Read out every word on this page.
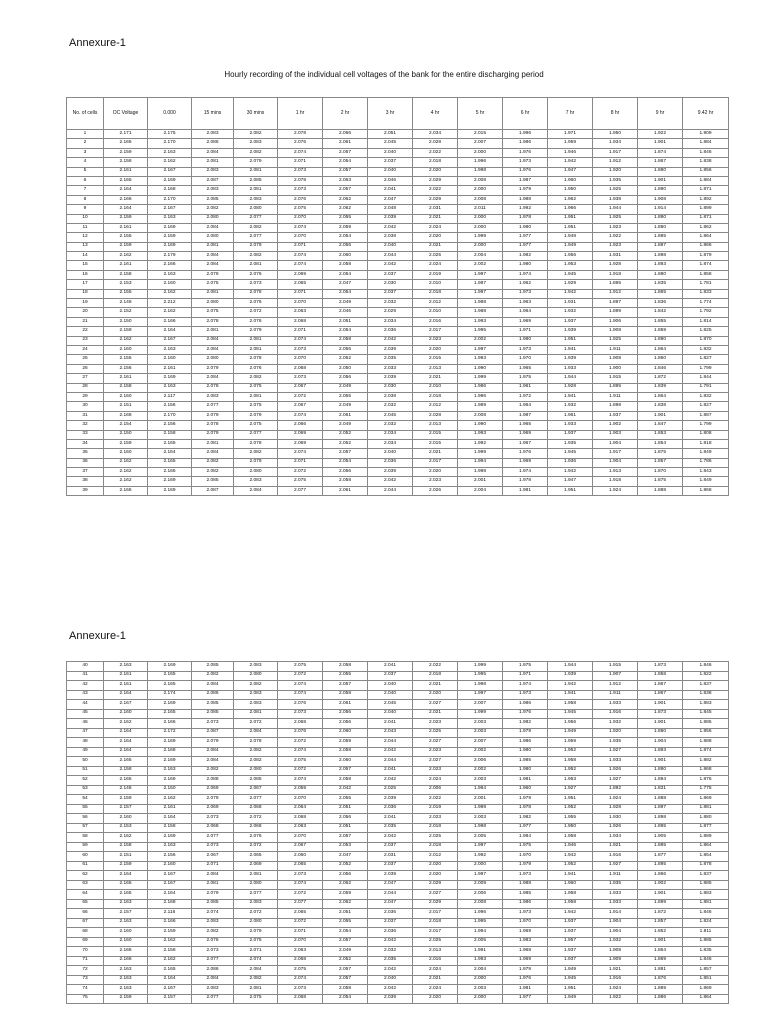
Annexure-1
Hourly recording of the individual cell voltages of the bank for the entire discharging period
No. of cells	OC Voltage	0.000	15 mins	30 mins	1 hr	2 hr	3 hr	4 hr	5 hr	6 hr	7 hr	8 hr	9 hr	9.42 hr
1	2.171	2.175	2.083	2.082	2.078	2.066	2.051	2.034	2.015	1.996	1.971	1.950	1.922	1.909
2	2.165	2.170	2.086	2.083	2.076	2.061	2.045	2.028	2.007	1.986	1.959	1.934	1.901	1.884
3	2.159	2.163	2.084	2.082	2.074	2.057	2.040	2.022	2.000	1.976	1.946	1.917	1.874	1.846
4	2.158	2.162	2.081	2.079	2.071	2.054	2.037	2.018	1.996	1.973	1.942	1.912	1.867	1.838
5	2.161	2.167	2.083	2.081	2.073	2.057	2.040	2.020	1.998	1.976	1.947	1.920	1.880	1.856
6	2.165	2.169	2.087	2.085	2.078	2.063	2.046	2.029	2.008	1.987	1.960	1.935	1.901	1.884
7	2.164	2.168	2.083	2.081	2.073	2.057	2.041	2.022	2.000	1.979	1.950	1.925	1.890	1.871
8	2.166	2.170	2.085	2.083	2.076	2.062	2.047	2.029	2.008	1.988	1.962	1.938	1.908	1.892
9	2.164	2.167	2.082	2.080	2.075	2.062	2.048	2.031	2.011	1.992	1.966	1.944	1.914	1.899
10	2.159	2.163	2.080	2.077	2.070	2.055	2.039	2.021	2.000	1.978	1.951	1.925	1.890	1.871
11	2.161	2.169	2.084	2.082	2.074	2.059	2.042	2.024	2.000	1.980	1.951	1.923	1.880	1.862
12	2.155	2.159	2.080	2.077	2.070	2.054	2.038	2.020	1.999	1.977	1.948	1.922	1.885	1.864
13	2.159	2.169	2.081	2.079	2.071	2.056	2.040	2.021	2.000	1.977	1.949	1.923	1.887	1.866
14	2.162	2.179	2.084	2.082	2.074	2.060	2.044	2.025	2.004	1.982	1.956	1.931	1.898	1.879
15	2.161	2.166	2.084	2.081	2.074	2.058	2.042	2.024	2.002	1.980	1.953	1.928	1.893	1.874
16	2.158	2.163	2.079	2.076	2.069	2.054	2.037	2.019	1.997	1.974	1.945	1.918	1.880	1.858
17	2.153	2.160	2.075	2.073	2.065	2.047	2.030	2.010	1.987	1.962	1.929	1.895	1.835	1.781
18	2.155	2.162	2.081	2.078	2.071	2.054	2.037	2.018	1.997	1.973	1.942	1.912	1.865	1.833
19	2.148	2.212	2.080	2.076	2.070	2.049	2.032	2.012	1.988	1.963	1.931	1.897	1.836	1.774
20	2.152	2.162	2.075	2.072	2.063	2.046	2.029	2.010	1.988	1.964	1.932	1.899	1.842	1.792
21	2.150	2.166	2.078	2.076	2.068	2.051	2.034	2.016	1.993	1.969	1.937	1.906	1.855	1.814
22	2.159	2.164	2.081	2.079	2.071	2.054	2.036	2.017	1.995	1.971	1.939	1.908	1.859	1.825
23	2.162	2.167	2.084	2.081	2.074	2.058	2.042	2.023	2.002	1.980	1.951	1.925	1.890	1.870
24	2.160	2.163	2.084	2.081	2.073	2.056	2.039	2.020	1.997	1.973	1.941	1.911	1.864	1.832
25	2.155	2.160	2.080	2.078	2.070	2.052	2.035	2.015	1.993	1.970	1.939	1.908	1.860	1.827
26	2.156	2.161	2.079	2.076	2.068	2.050	2.033	2.013	1.990	1.965	1.933	1.900	1.846	1.799
27	2.161	2.169	2.084	2.082	2.073	2.056	2.039	2.021	1.999	1.975	1.944	1.915	1.872	1.844
28	2.158	2.163	2.078	2.075	2.067	2.049	2.030	2.010	1.986	1.961	1.928	1.895	1.839	1.791
29	2.160	2.117	2.083	2.081	2.072	2.055	2.038	2.018	1.996	1.972	1.941	1.911	1.864	1.832
30	2.151	2.156	2.077	2.075	2.067	2.049	2.032	2.012	1.989	1.964	1.932	1.898	1.838	1.827
31	2.168	2.170	2.079	2.079	2.074	2.061	2.045	2.028	2.008	1.987	1.961	1.937	1.901	1.887
32	2.154	2.156	2.078	2.075	2.066	2.049	2.032	2.013	1.990	1.965	1.933	1.902	1.847	1.799
33	2.150	2.158	2.079	2.077	2.069	2.052	2.034	2.015	1.993	1.969	1.937	1.903	1.853	1.808
34	2.159	2.165	2.081	2.078	2.069	2.052	2.034	2.015	1.992	1.967	1.935	1.904	1.854	1.818
35	2.160	2.164	2.084	2.082	2.074	2.057	2.040	2.021	1.999	1.976	1.945	1.917	1.875	1.849
36	2.162	2.165	2.082	2.079	2.071	2.054	2.036	2.017	1.994	1.969	1.936	1.904	1.857	1.786
37	2.162	2.166	2.082	2.080	2.072	2.056	2.039	2.020	1.998	1.974	1.942	1.913	1.870	1.843
38	2.162	2.169	2.085	2.083	2.075	2.058	2.042	2.023	2.001	1.978	1.947	1.918	1.875	1.849
39	2.166	2.169	2.087	2.084	2.077	2.061	2.044	2.026	2.004	1.981	1.951	1.924	1.888	1.868
Annexure-1
40	2.163	2.169	2.085	2.083	2.075	2.058	2.041	2.022	1.999	1.975	1.944	1.915	1.873	1.846
41	2.161	2.165	2.082	2.080	2.072	2.055	2.037	2.018	1.995	1.971	1.939	1.907	1.858	1.822
42	2.161	2.165	2.084	2.082	2.074	2.057	2.040	2.021	1.998	1.974	1.942	1.912	1.867	1.837
43	2.164	2.174	2.086	2.083	2.074	2.058	2.040	2.020	1.997	1.973	1.941	1.911	1.867	1.838
44	2.167	2.169	2.085	2.083	2.076	2.061	2.045	2.027	2.007	1.986	1.958	1.933	1.901	1.883
45	2.160	2.165	2.085	2.081	2.073	2.056	2.040	2.021	1.999	1.976	1.945	1.916	1.873	1.845
46	2.162	2.166	2.073	2.072	2.068	2.056	2.041	2.023	2.003	1.982	1.956	1.932	1.901	1.885
47	2.164	2.172	2.087	2.084	2.076	2.060	2.043	2.025	2.003	1.979	1.949	1.920	1.880	1.856
48	2.164	2.169	2.079	2.078	2.072	2.059	2.044	2.027	2.007	1.986	1.959	1.935	1.904	1.888
49	2.164	2.168	2.084	2.082	2.074	2.058	2.042	2.023	2.002	1.980	1.952	1.927	1.893	1.874
50	2.165	2.169	2.084	2.082	2.075	2.060	2.044	2.027	2.006	1.985	1.958	1.933	1.901	1.882
51	2.158	2.163	2.082	2.080	2.072	2.057	2.041	2.023	2.002	1.980	1.952	1.926	1.890	1.868
52	2.165	2.169	2.088	2.085	2.074	2.058	2.042	2.024	2.003	1.981	1.953	1.927	1.894	1.876
53	2.146	2.150	2.069	2.067	2.059	2.042	2.025	2.006	1.984	1.960	1.927	1.892	1.831	1.775
54	2.159	2.162	2.079	2.077	2.070	2.055	2.039	2.022	2.001	1.979	1.951	1.924	1.888	1.869
55	2.157	2.161	2.069	2.068	2.064	2.051	2.036	2.019	1.999	1.978	1.952	1.928	1.897	1.881
56	2.160	2.164	2.073	2.072	2.068	2.056	2.041	2.023	2.003	1.982	1.955	1.930	1.898	1.880
57	2.153	2.158	2.068	2.068	2.063	2.051	2.035	2.018	1.998	1.977	1.950	1.926	1.895	1.877
58	2.162	2.169	2.077	2.076	2.070	2.057	2.042	2.025	2.005	1.984	1.958	1.934	1.905	1.889
59	2.158	2.163	2.073	2.072	2.067	2.053	2.037	2.018	1.997	1.975	1.946	1.921	1.885	1.864
60	2.151	2.156	2.067	2.065	2.060	2.047	2.031	2.012	1.992	1.970	1.942	1.916	1.877	1.854
61	2.159	2.160	2.071	2.069	2.065	2.052	2.037	2.020	2.000	1.979	1.952	1.927	1.895	1.878
62	2.164	2.167	2.084	2.081	2.073	2.056	2.039	2.020	1.997	1.973	1.941	1.911	1.866	1.837
63	2.165	2.167	2.081	2.080	2.074	2.062	2.047	2.029	2.009	1.988	1.960	1.935	1.902	1.885
64	2.165	2.164	2.079	2.077	2.072	2.059	2.044	2.027	2.006	1.985	1.958	1.933	1.901	1.883
65	2.163	2.168	2.085	2.083	2.077	2.062	2.047	2.029	2.008	1.986	1.958	1.933	1.899	1.881
66	2.157	2.116	2.074	2.072	2.065	2.051	2.036	2.017	1.996	1.973	1.942	1.914	1.872	1.846
67	2.163	2.166	2.083	2.080	2.072	2.055	2.037	2.018	1.995	1.970	1.937	1.904	1.857	1.824
68	2.160	2.159	2.082	2.079	2.071	2.054	2.036	2.017	1.994	1.969	1.937	1.904	1.852	1.811
69	2.160	2.162	2.076	2.075	2.070	2.057	2.042	2.025	2.005	1.983	1.957	1.932	1.901	1.885
70	2.166	2.158	2.073	2.071	2.063	2.049	2.032	2.013	1.991	1.968	1.937	1.908	1.864	1.835
71	2.166	2.162	2.077	2.074	2.068	2.052	2.035	2.016	1.993	1.969	1.937	1.909	1.869	1.846
72	2.163	2.165	2.086	2.084	2.075	2.057	2.042	2.024	2.004	1.979	1.949	1.921	1.881	1.857
73	2.163	2.164	2.084	2.082	2.074	2.057	2.040	2.021	2.000	1.976	1.945	1.916	1.876	1.851
74	2.163	2.167	2.083	2.081	2.073	2.058	2.042	2.024	2.003	1.981	1.951	1.924	1.889	1.869
75	2.159	2.157	2.077	2.075	2.068	2.054	2.039	2.020	2.000	1.977	1.949	1.922	1.886	1.864
